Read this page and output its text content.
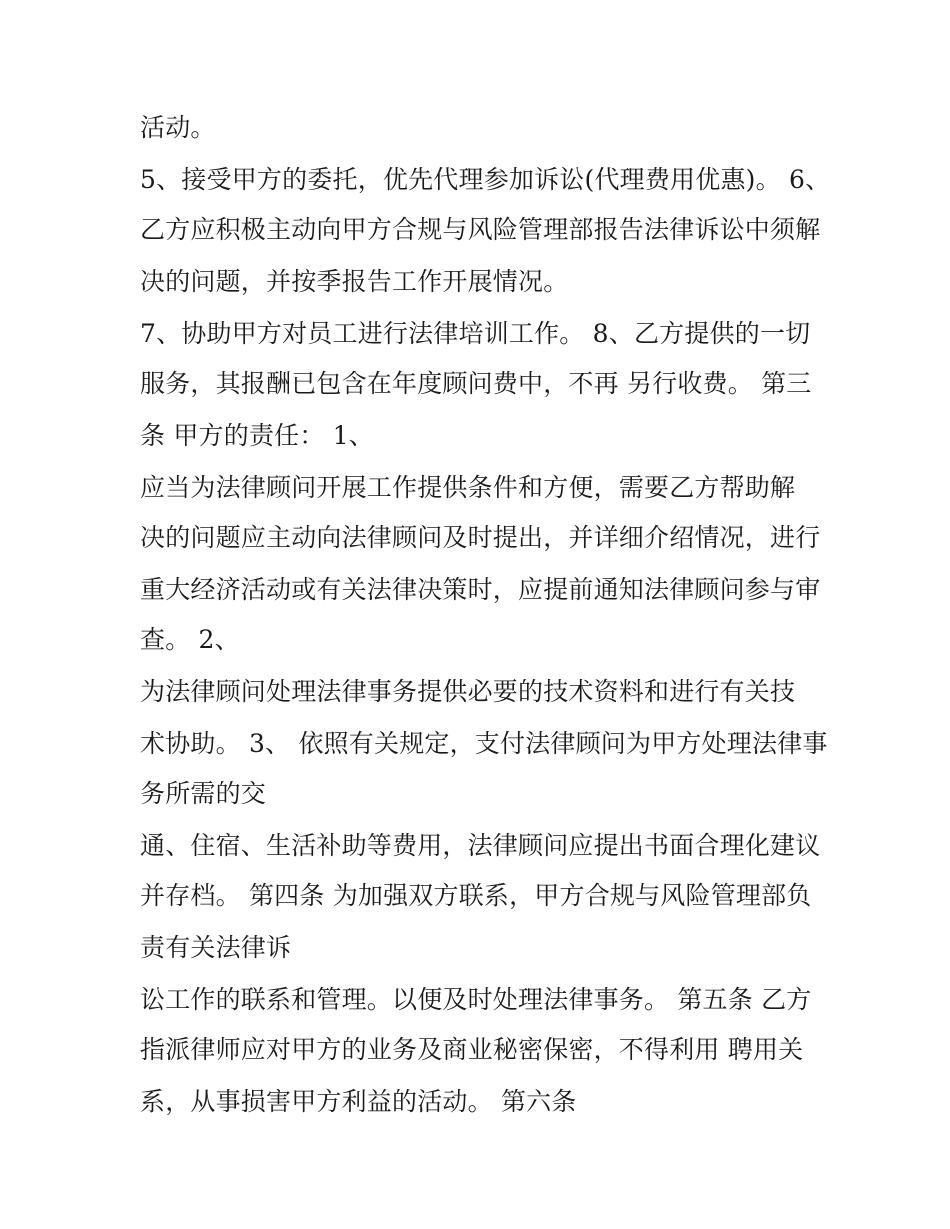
活动。
5、接受甲方的委托，优先代理参加诉讼(代理费用优惠)。 6、
乙方应积极主动向甲方合规与风险管理部报告法律诉讼中须解
决的问题，并按季报告工作开展情况。
7、协助甲方对员工进行法律培训工作。 8、乙方提供的一切
服务，其报酬已包含在年度顾问费中，不再 另行收费。 第三
条 甲方的责任： 1、
应当为法律顾问开展工作提供条件和方便，需要乙方帮助解
决的问题应主动向法律顾问及时提出，并详细介绍情况，进行
重大经济活动或有关法律决策时，应提前通知法律顾问参与审
查。 2、
为法律顾问处理法律事务提供必要的技术资料和进行有关技
术协助。 3、 依照有关规定，支付法律顾问为甲方处理法律事
务所需的交
通、住宿、生活补助等费用，法律顾问应提出书面合理化建议
并存档。 第四条 为加强双方联系，甲方合规与风险管理部负
责有关法律诉
讼工作的联系和管理。以便及时处理法律事务。 第五条 乙方
指派律师应对甲方的业务及商业秘密保密，不得利用 聘用关
系，从事损害甲方利益的活动。 第六条
